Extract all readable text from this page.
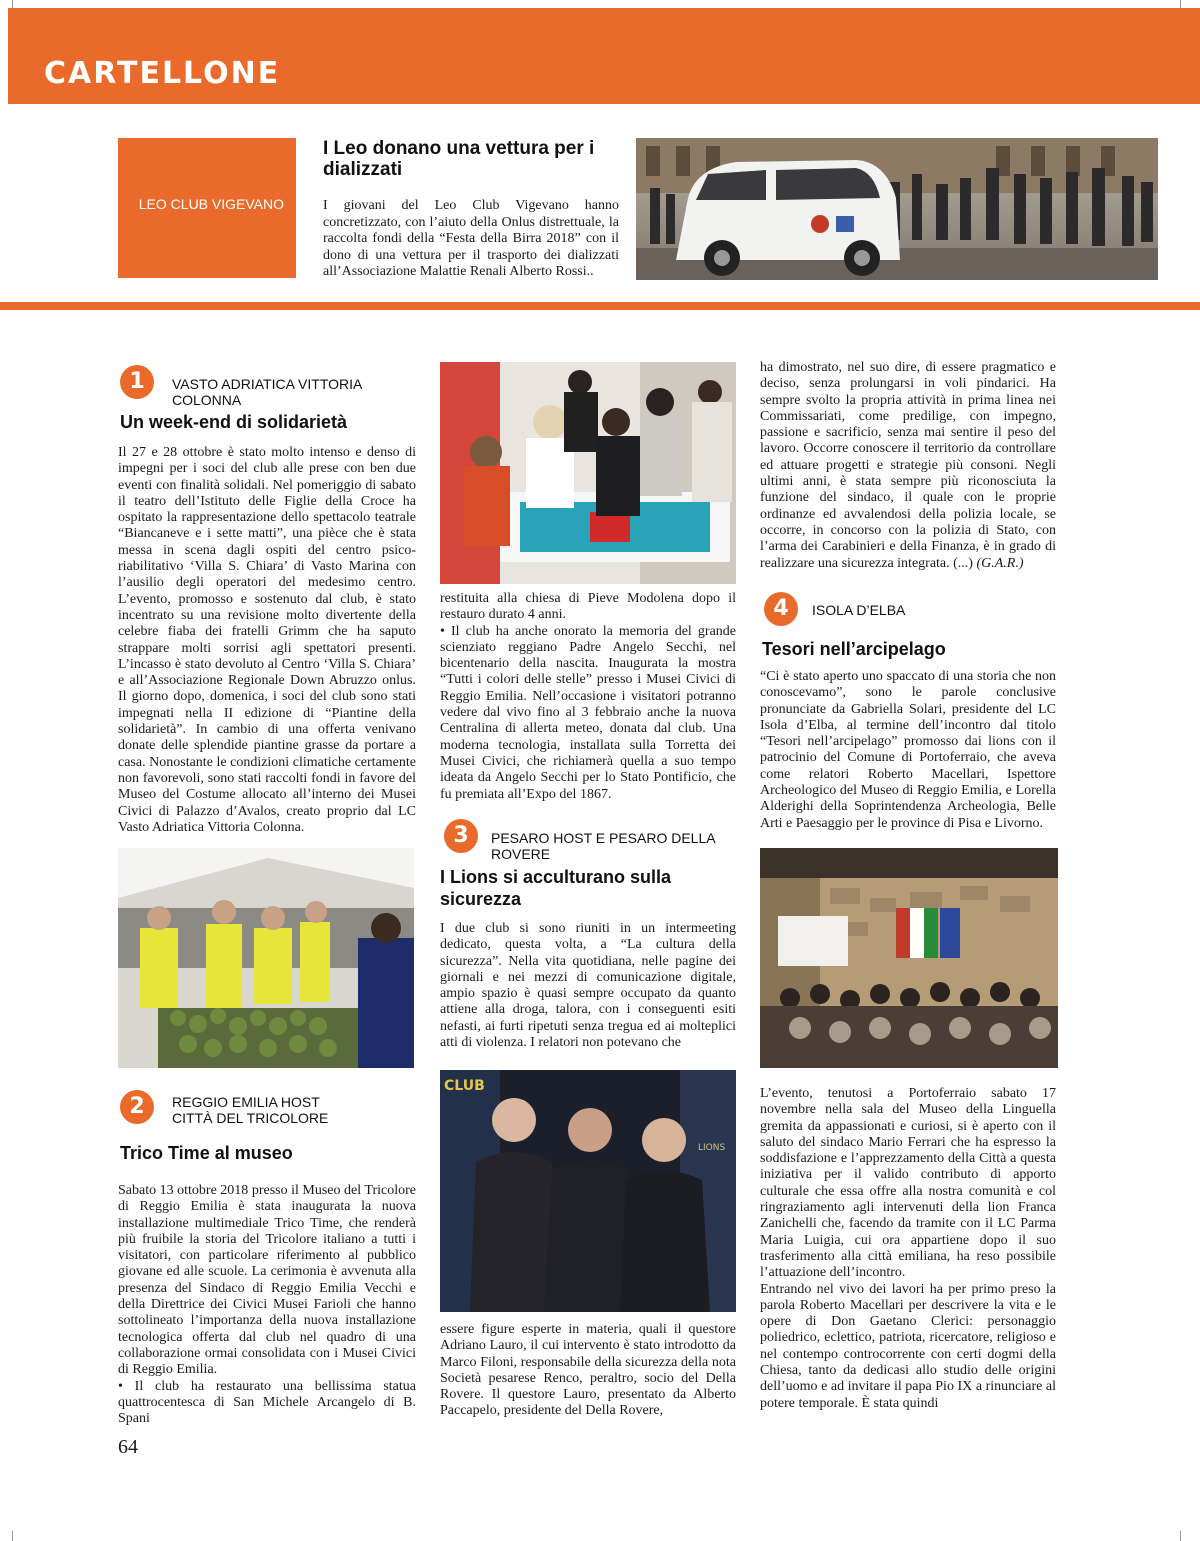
CARTELLONE
LEO CLUB VIGEVANO
I Leo donano una vettura per i dializzati
I giovani del Leo Club Vigevano hanno concretizzato, con l’aiuto della Onlus distrettuale, la raccolta fondi della “Festa della Birra 2018” con il dono di una vettura per il trasporto dei dializzati all’Associazione Malattie Renali Alberto Rossi..
1	VASTO ADRIATICA VITTORIA COLONNA
Un week-end di solidarietà
Il 27 e 28 ottobre è stato molto intenso e denso di impegni per i soci del club alle prese con ben due eventi con finalità solidali. Nel pomeriggio di sabato il teatro dell’Istituto delle Figlie della Croce ha ospitato la rappresentazione dello spettacolo teatrale “Biancaneve e i sette matti”, una pièce che è stata messa in scena dagli ospiti del centro psico-riabilitativo ‘Villa S. Chiara’ di Vasto Marina con l’ausilio degli operatori del medesimo centro. L’evento, promosso e sostenuto dal club, è stato incentrato su una revisione molto divertente della celebre fiaba dei fratelli Grimm che ha saputo strappare molti sorrisi agli spettatori presenti. L’incasso è stato devoluto al Centro ‘Villa S. Chiara’ e all’Associazione Regionale Down Abruzzo onlus. Il giorno dopo, domenica, i soci del club sono stati impegnati nella II edizione di “Piantine della solidarietà”. In cambio di una offerta venivano donate delle splendide piantine grasse da portare a casa. Nonostante le condizioni climatiche certamente non favorevoli, sono stati raccolti fondi in favore del Museo del Costume allocato all’interno dei Musei Civici di Palazzo d’Avalos, creato proprio dal LC Vasto Adriatica Vittoria Colonna.
2	REGGIO EMILIA HOST CITTÀ DEL TRICOLORE
Trico Time al museo

Sabato 13 ottobre 2018 presso il Museo del Tricolore di Reggio Emilia è stata inaugurata la nuova installazione multimediale Trico Time, che renderà più fruibile la storia del Tricolore italiano a tutti i visitatori, con particolare riferimento al pubblico giovane ed alle scuole. La cerimonia è avvenuta alla presenza del Sindaco di Reggio Emilia Vecchi e della Direttrice dei Civici Musei Farioli che hanno sottolineato l’importanza della nuova installazione tecnologica offerta dal club nel quadro di una collaborazione ormai consolidata con i Musei Civici di Reggio Emilia.

• Il club ha restaurato una bellissima statua quattrocentesca di San Michele Arcangelo di B. Spani

restituita alla chiesa di Pieve Modolena dopo il restauro durato 4 anni.

• Il club ha anche onorato la memoria del grande scienziato reggiano Padre Angelo Secchi, nel bicentenario della nascita. Inaugurata la mostra “Tutti i colori delle stelle” presso i Musei Civici di Reggio Emilia. Nell’occasione i visitatori potranno vedere dal vivo fino al 3 febbraio anche la nuova Centralina di allerta meteo, donata dal club. Una moderna tecnologia, installata sulla Torretta dei Musei Civici, che richiamerà quella a suo tempo ideata da Angelo Secchi per lo Stato Pontificio, che fu premiata all’Expo del 1867.

3	PESARO HOST E PESARO DELLA ROVERE
I Lions si acculturano sulla sicurezza
I due club si sono riuniti in un intermeeting dedicato, questa volta, a “La cultura della sicurezza”. Nella vita quotidiana, nelle pagine dei giornali e nei mezzi di comunicazione digitale, ampio spazio è quasi sempre occupato da quanto attiene alla droga, talora, con i conseguenti esiti nefasti, ai furti ripetuti senza tregua ed ai molteplici atti di violenza. I relatori non potevano che
CLUB
LIONS
essere figure esperte in materia, quali il questore Adriano Lauro, il cui intervento è stato introdotto da Marco Filoni, responsabile della sicurezza della nota Società pesarese Renco, peraltro, socio del Della Rovere. Il questore Lauro, presentato da Alberto Paccapelo, presidente del Della Rovere,
ha dimostrato, nel suo dire, di essere pragmatico e deciso, senza prolungarsi in voli pindarici. Ha sempre svolto la propria attività in prima linea nei Commissariati, come predilige, con impegno, passione e sacrificio, senza mai sentire il peso del lavoro. Occorre conoscere il territorio da controllare ed attuare progetti e strategie più consoni. Negli ultimi anni, è stata sempre più riconosciuta la funzione del sindaco, il quale con le proprie ordinanze ed avvalendosi della polizia locale, se occorre, in concorso con la polizia di Stato, con l’arma dei Carabinieri e della Finanza, è in grado di realizzare una sicurezza integrata. (...) (G.A.R.)
4	ISOLA D’ELBA
Tesori nell’arcipelago
“Ci è stato aperto uno spaccato di una storia che non conoscevamo”, sono le parole conclusive pronunciate da Gabriella Solari, presidente del LC Isola d’Elba, al termine dell’incontro dal titolo “Tesori nell’arcipelago” promosso dai lions con il patrocinio del Comune di Portoferraio, che aveva come relatori Roberto Macellari, Ispettore Archeologico del Museo di Reggio Emilia, e Lorella Alderighi della Soprintendenza Archeologia, Belle Arti e Paesaggio per le province di Pisa e Livorno.

L’evento, tenutosi a Portoferraio sabato 17 novembre nella sala del Museo della Linguella gremita da appassionati e curiosi, si è aperto con il saluto del sindaco Mario Ferrari che ha espresso la soddisfazione e l’apprezzamento della Città a questa iniziativa per il valido contributo di apporto culturale che essa offre alla nostra comunità e col ringraziamento agli intervenuti della lion Franca Zanichelli che, facendo da tramite con il LC Parma Maria Luigia, cui ora appartiene dopo il suo trasferimento alla città emiliana, ha reso possibile l’attuazione dell’incontro.

Entrando nel vivo dei lavori ha per primo preso la parola Roberto Macellari per descrivere la vita e le opere di Don Gaetano Clerici: personaggio poliedrico, eclettico, patriota, ricercatore, religioso e nel contempo controcorrente con certi dogmi della Chiesa, tanto da dedicasi allo studio delle origini dell’uomo e ad invitare il papa Pio IX a rinunciare al potere temporale. È stata quindi

64
